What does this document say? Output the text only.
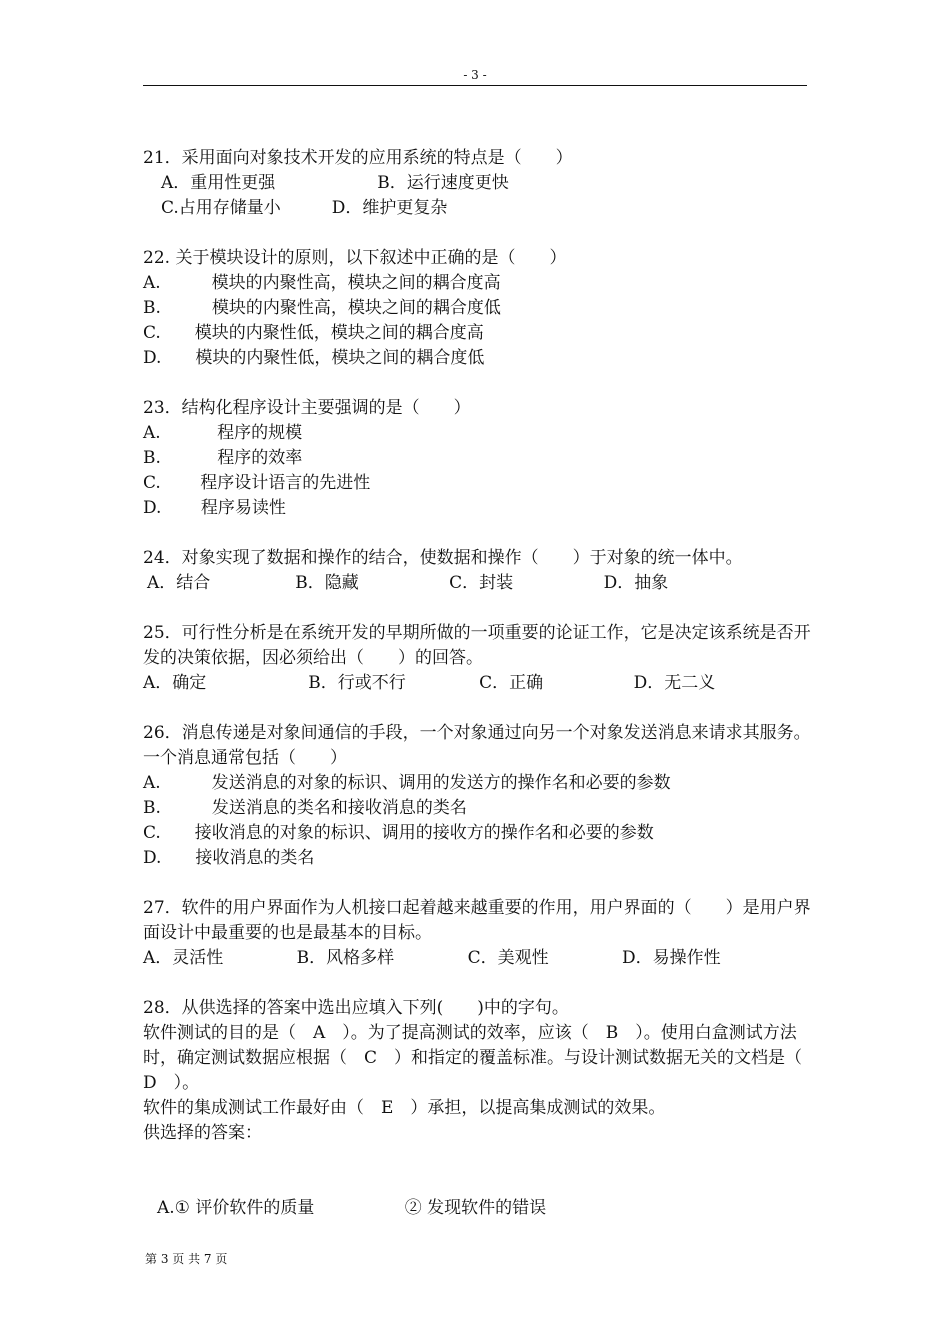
- 3 -
21．采用面向对象技术开发的应用系统的特点是（　　）
A．重用性更强　　　　　　B．运行速度更快
C.占用存储量小　　　D．维护更复杂
22. 关于模块设计的原则，以下叙述中正确的是（　　）
A.　　　模块的内聚性高，模块之间的耦合度高
B.　　　模块的内聚性高，模块之间的耦合度低
C.　　模块的内聚性低，模块之间的耦合度高
D.　　模块的内聚性低，模块之间的耦合度低
23．结构化程序设计主要强调的是（　　）
A.　　　 程序的规模
B.　　　 程序的效率
C.　　 程序设计语言的先进性
D.　　 程序易读性
24．对象实现了数据和操作的结合，使数据和操作（　　）于对象的统一体中。
A．结合　　　　　B．隐藏　　　　　 C．封装　　　　　 D．抽象
25．可行性分析是在系统开发的早期所做的一项重要的论证工作，它是决定该系统是否开　　发的决策依据，因必须给出（　　）的回答。
A．确定　　　　　　B．行或不行　　　　 C．正确　　　　　 D．无二义
26．消息传递是对象间通信的手段，一个对象通过向另一个对象发送消息来请求其服务。一个消息通常包括（　　）
A.　　　发送消息的对象的标识、调用的发送方的操作名和必要的参数
B.　　　发送消息的类名和接收消息的类名
C.　　接收消息的对象的标识、调用的接收方的操作名和必要的参数
D.　　接收消息的类名
27．软件的用户界面作为人机接口起着越来越重要的作用，用户界面的（　　）是用户界面设计中最重要的也是最基本的目标。
A．灵活性　　　　 B．风格多样　　　　 C．美观性　　　　 D．易操作性
28．从供选择的答案中选出应填入下列(　　)中的字句。
软件测试的目的是（　A　）。为了提高测试的效率，应该（　B　）。使用白盒测试方法时，确定测试数据应根据（　C　）和指定的覆盖标准。与设计测试数据无关的文档是（　D　）。
软件的集成测试工作最好由（　E　）承担，以提高集成测试的效果。
供选择的答案：
A.① 评价软件的质量　　　　　 ② 发现软件的错误
第 3 页 共 7 页
